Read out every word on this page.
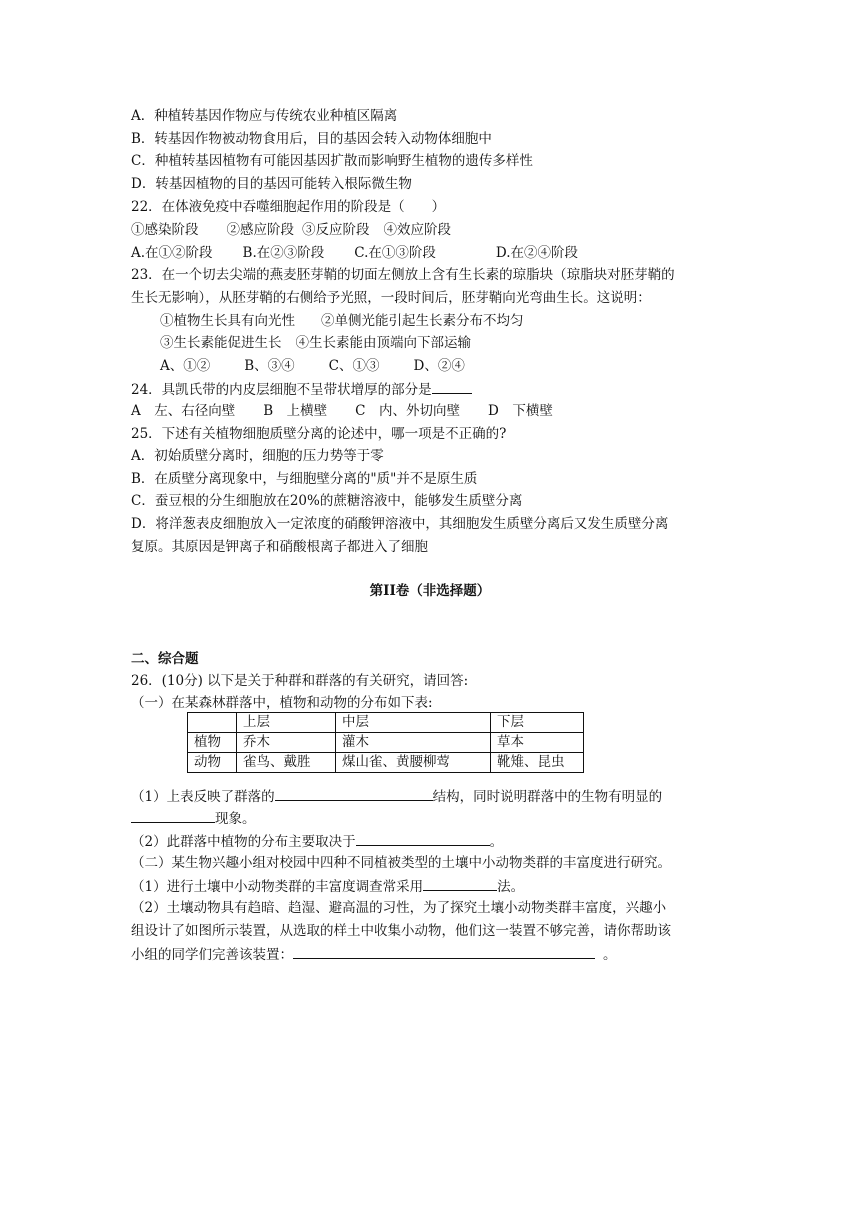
A．种植转基因作物应与传统农业种植区隔离
B．转基因作物被动物食用后，目的基因会转入动物体细胞中
C．种植转基因植物有可能因基因扩散而影响野生植物的遗传多样性
D．转基因植物的目的基因可能转入根际微生物
22．在体液免疫中吞噬细胞起作用的阶段是（　　）
①感染阶段 ②感应阶段 ③反应阶段 ④效应阶段
A.在①②阶段 B.在②③阶段 C.在①③阶段	D.在②④阶段
23．在一个切去尖端的燕麦胚芽鞘的切面左侧放上含有生长素的琼脂块（琼脂块对胚芽鞘的
生长无影响），从胚芽鞘的右侧给予光照，一段时间后，胚芽鞘向光弯曲生长。这说明：
①植物生长具有向光性 ②单侧光能引起生长素分布不均匀
③生长素能促进生长 ④生长素能由顶端向下部运输
A、①②	B、③④	C、①③	D、②④
24．具凯氏带的内皮层细胞不呈带状增厚的部分是
A　左、右径向壁 B　上横壁 C　内、外切向壁 D　下横壁
25．下述有关植物细胞质壁分离的论述中，哪一项是不正确的?
A．初始质壁分离时，细胞的压力势等于零
B．在质壁分离现象中，与细胞壁分离的"质"并不是原生质
C．蚕豆根的分生细胞放在20%的蔗糖溶液中，能够发生质壁分离
D．将洋葱表皮细胞放入一定浓度的硝酸钾溶液中，其细胞发生质壁分离后又发生质壁分离
复原。其原因是钾离子和硝酸根离子都进入了细胞
第II卷（非选择题）
二、综合题
26．(10分) 以下是关于种群和群落的有关研究，请回答:
（一）在某森林群落中，植物和动物的分布如下表:
	上层	中层	下层
植物	乔木	灌木	草本
动物	雀鸟、戴胜	煤山雀、黄腰柳莺	靴雉、昆虫
（1）上表反映了群落的	结构，同时说明群落中的生物有明显的
现象。
（2）此群落中植物的分布主要取决于	。
（二）某生物兴趣小组对校园中四种不同植被类型的土壤中小动物类群的丰富度进行研究。
（1）进行土壤中小动物类群的丰富度调查常采用	法。
（2）土壤动物具有趋暗、趋湿、避高温的习性，为了探究土壤小动物类群丰富度，兴趣小
组设计了如图所示装置，从选取的样土中收集小动物，他们这一装置不够完善，请你帮助该
小组的同学们完善该装置：	。
